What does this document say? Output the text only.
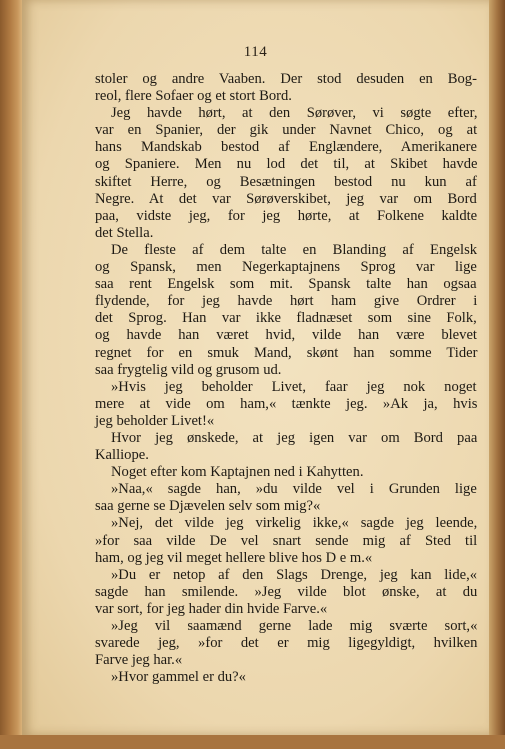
114
stoler og andre Vaaben. Der stod desuden en Bog-
reol, flere Sofaer og et stort Bord.
Jeg havde hørt, at den Sørøver, vi søgte efter,
var en Spanier, der gik under Navnet Chico, og at
hans Mandskab bestod af Englændere, Amerikanere
og Spaniere. Men nu lod det til, at Skibet havde
skiftet Herre, og Besætningen bestod nu kun af
Negre. At det var Sørøverskibet, jeg var om Bord
paa, vidste jeg, for jeg hørte, at Folkene kaldte
det Stella.
De fleste af dem talte en Blanding af Engelsk
og Spansk, men Negerkaptajnens Sprog var lige
saa rent Engelsk som mit. Spansk talte han ogsaa
flydende, for jeg havde hørt ham give Ordrer i
det Sprog. Han var ikke fladnæset som sine Folk,
og havde han været hvid, vilde han være blevet
regnet for en smuk Mand, skønt han somme Tider
saa frygtelig vild og grusom ud.
»Hvis jeg beholder Livet, faar jeg nok noget
mere at vide om ham,« tænkte jeg. »Ak ja, hvis
jeg beholder Livet!«
Hvor jeg ønskede, at jeg igen var om Bord paa
Kalliope.
Noget efter kom Kaptajnen ned i Kahytten.
»Naa,« sagde han, »du vilde vel i Grunden lige
saa gerne se Djævelen selv som mig?«
»Nej, det vilde jeg virkelig ikke,« sagde jeg leende,
»for saa vilde De vel snart sende mig af Sted til
ham, og jeg vil meget hellere blive hos D e m.«
»Du er netop af den Slags Drenge, jeg kan lide,«
sagde han smilende. »Jeg vilde blot ønske, at du
var sort, for jeg hader din hvide Farve.«
»Jeg vil saamænd gerne lade mig sværte sort,«
svarede jeg, »for det er mig ligegyldigt, hvilken
Farve jeg har.«
»Hvor gammel er du?«
